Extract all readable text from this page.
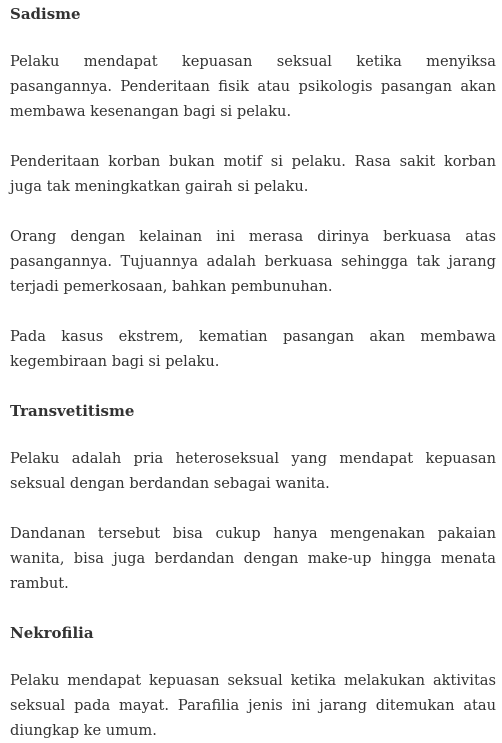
Sadisme

Pelaku mendapat kepuasan seksual ketika menyiksa pasangannya. Penderitaan fisik atau psikologis pasangan akan membawa kesenangan bagi si pelaku.

Penderitaan korban bukan motif si pelaku. Rasa sakit korban juga tak meningkatkan gairah si pelaku.

Orang dengan kelainan ini merasa dirinya berkuasa atas pasangannya. Tujuannya adalah berkuasa sehingga tak jarang terjadi pemerkosaan, bahkan pembunuhan.

Pada kasus ekstrem, kematian pasangan akan membawa kegembiraan bagi si pelaku.

Transvetitisme

Pelaku adalah pria heteroseksual yang mendapat kepuasan seksual dengan berdandan sebagai wanita.

Dandanan tersebut bisa cukup hanya mengenakan pakaian wanita, bisa juga berdandan dengan make-up hingga menata rambut.

Nekrofilia

Pelaku mendapat kepuasan seksual ketika melakukan aktivitas seksual pada mayat. Parafilia jenis ini jarang ditemukan atau diungkap ke umum.
